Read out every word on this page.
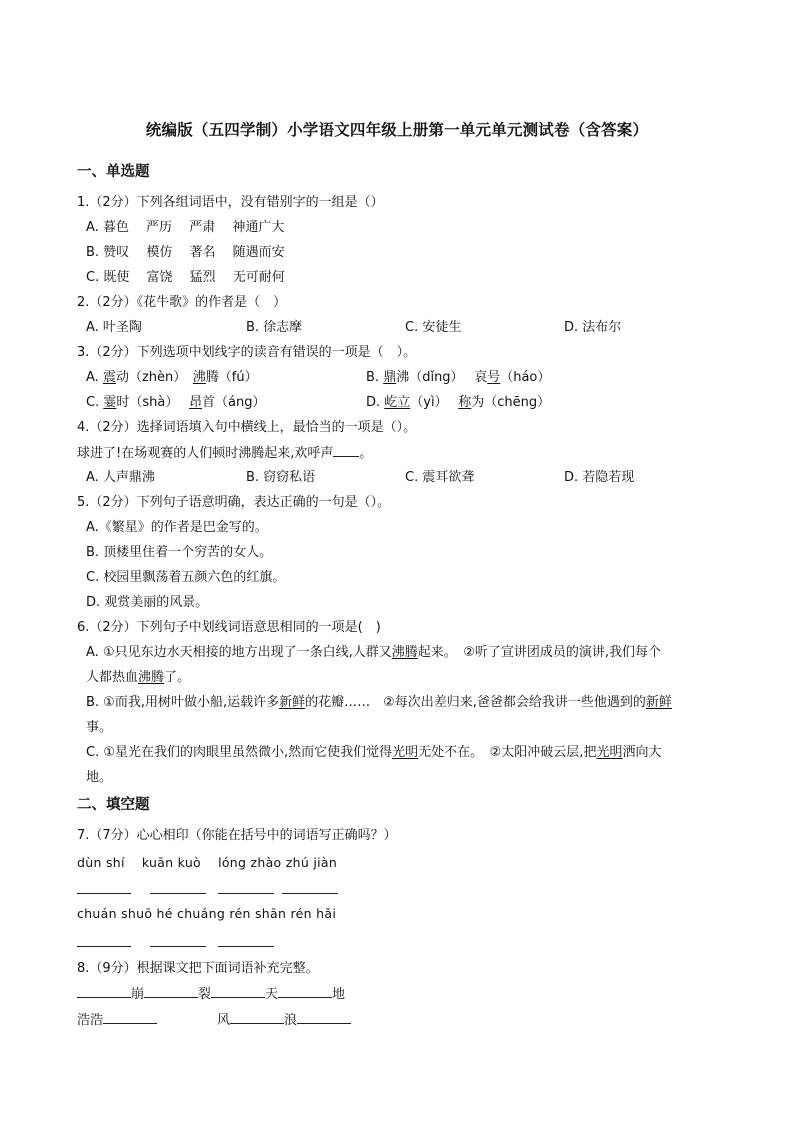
统编版（五四学制）小学语文四年级上册第一单元单元测试卷（含答案）
一、单选题
1.（2分）下列各组词语中，没有错别字的一组是（）
A. 暮色　 严历　 严肃　 神通广大
B. 赞叹　 模仿　 著名　 随遇而安
C. 既使　 富饶　 猛烈　 无可耐何
2.（2分）《花牛歌》的作者是（　）
A. 叶圣陶	B. 徐志摩	C. 安徒生	D. 法布尔
3.（2分）下列选项中划线字的读音有错误的一项是（　）。
A. 震动（zhèn）　沸腾（fú）	B. 鼎沸（dǐng）　 哀号（háo）
C. 霎时（shà）　 昂首（áng）	D. 屹立（yì）　 称为（chēng）
4.（2分）选择词语填入句中横线上，最恰当的一项是（）。
球进了!在场观赛的人们顿时沸腾起来,欢呼声 。
A. 人声鼎沸	B. 窃窃私语	C. 震耳欲聋	D. 若隐若现
5.（2分）下列句子语意明确，表达正确的一句是（）。
A.《繁星》的作者是巴金写的。
B. 顶楼里住着一个穷苦的女人。
C. 校园里飘荡着五颜六色的红旗。
D. 观赏美丽的风景。
6.（2分）下列句子中划线词语意思相同的一项是(　)
A. ①只见东边水天相接的地方出现了一条白线,人群又沸腾起来。　②听了宣讲团成员的演讲,我们每个
人都热血沸腾了。
B. ①而我,用树叶做小船,运载许多新鲜的花瓣……　②每次出差归来,爸爸都会给我讲一些他遇到的新鲜
事。
C. ①星光在我们的肉眼里虽然微小,然而它使我们觉得光明无处不在。　②太阳冲破云层,把光明洒向大
地。
二、填空题
7.（7分）心心相印（你能在括号中的词语写正确吗？）
dùn shí　 kuān kuò　 lóng zhào zhú jiàn
chuán shuō hé chuáng rén shān rén hǎi
8.（9分）根据课文把下面词语补充完整。
崩	裂	天	地
浩浩	风	浪
